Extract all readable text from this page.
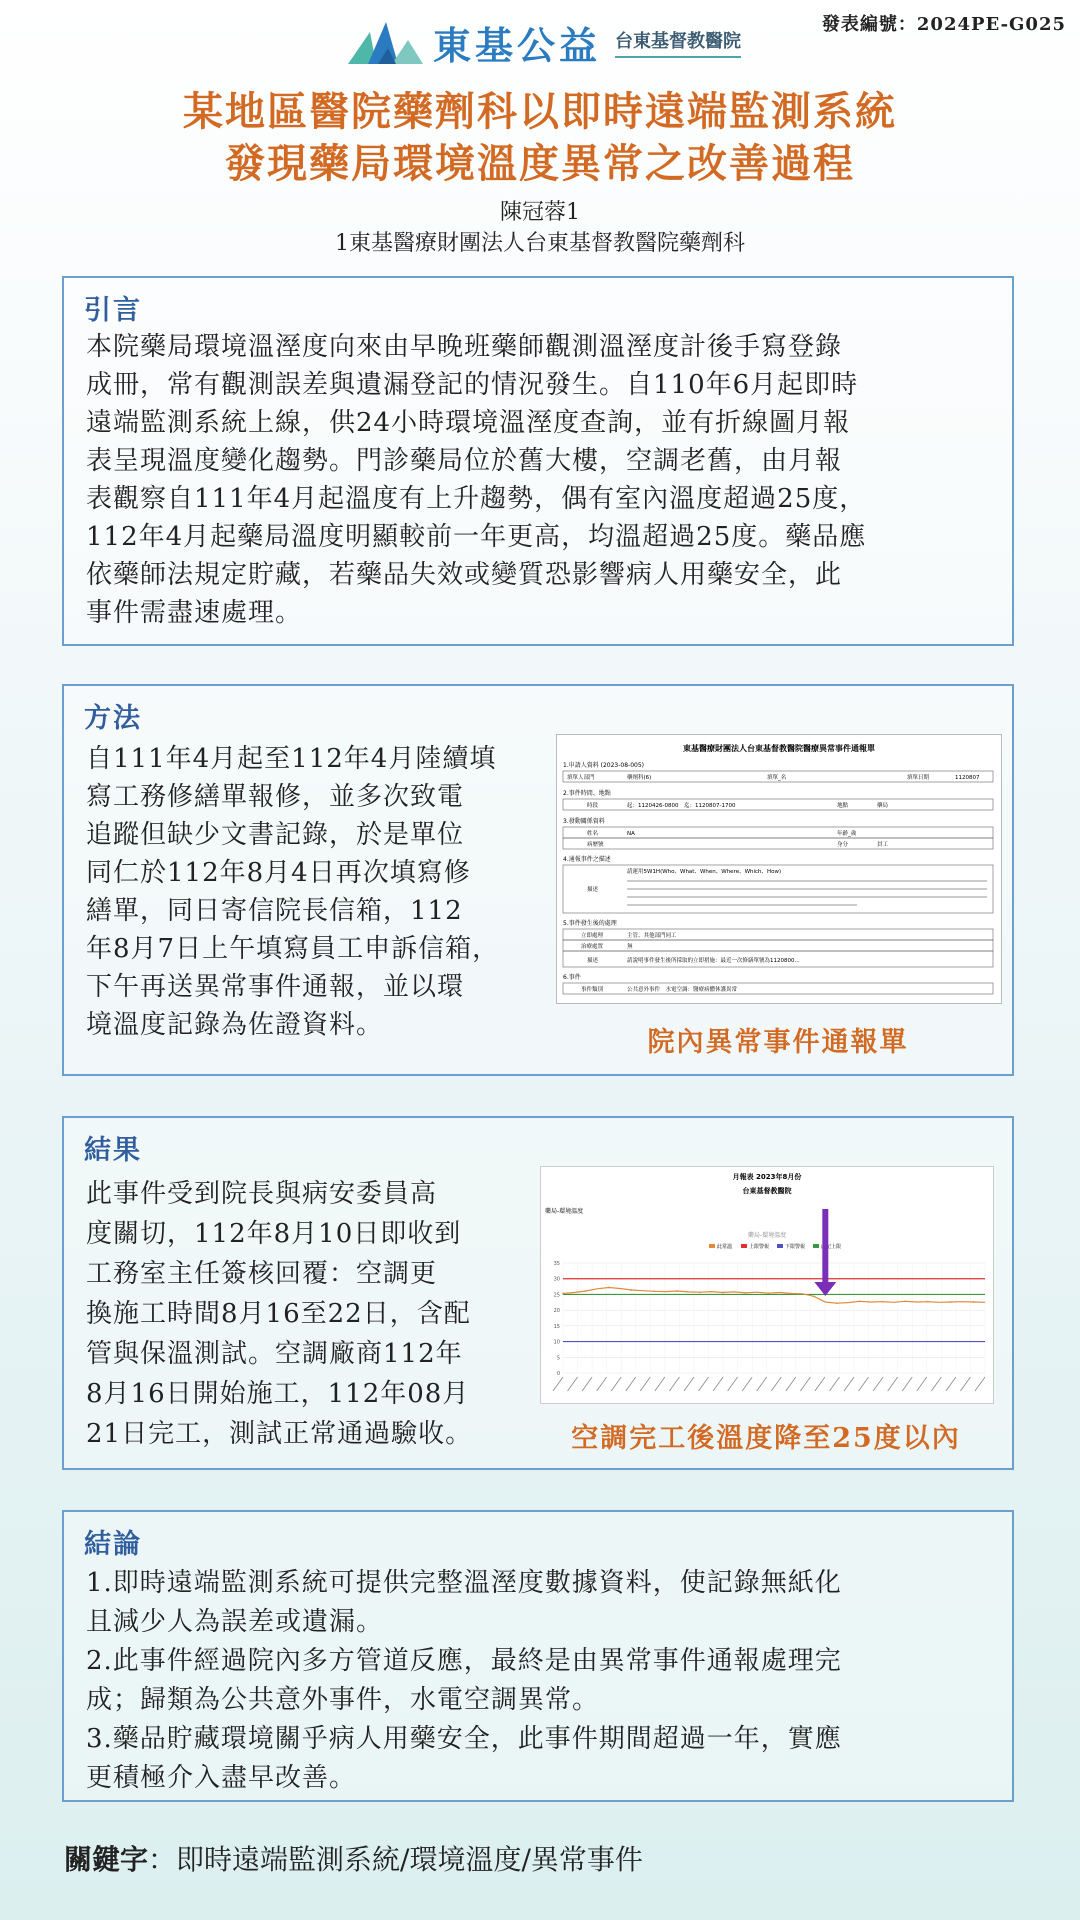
發表編號：2024PE-G025
東基公益 台東基督教醫院
某地區醫院藥劑科以即時遠端監測系統
發現藥局環境溫度異常之改善過程
陳冠蓉1
1東基醫療財團法人台東基督教醫院藥劑科
引言
本院藥局環境溫溼度向來由早晚班藥師觀測溫溼度計後手寫登錄
成冊，常有觀測誤差與遺漏登記的情況發生。自110年6月起即時
遠端監測系統上線，供24小時環境溫溼度查詢，並有折線圖月報
表呈現溫度變化趨勢。門診藥局位於舊大樓，空調老舊，由月報
表觀察自111年4月起溫度有上升趨勢，偶有室內溫度超過25度，
112年4月起藥局溫度明顯較前一年更高，均溫超過25度。藥品應
依藥師法規定貯藏，若藥品失效或變質恐影響病人用藥安全，此
事件需盡速處理。
方法
自111年4月起至112年4月陸續填
寫工務修繕單報修，並多次致電
追蹤但缺少文書記錄，於是單位
同仁於112年8月4日再次填寫修
繕單，同日寄信院長信箱，112
年8月7日上午填寫員工申訴信箱，
下午再送異常事件通報，並以環
境溫度記錄為佐證資料。
東基醫療財團法人台東基督教醫院醫療異常事件通報單
1.申請人資料 (2023-08-005)
填單人部門	藥劑科(6)	填單_名	填單日期	1120807
2.事件時間、地點
時段	起：1120426-0800　迄：1120807-1700	地點	藥局
3.發動關係資料
姓名	NA	年齡_歲
病歷號	身分	員工
4.通報事件之描述
描述
請運用5W1H(Who、What、When、Where、Which、How)
5.事件發生後的處理
立即處理	主管、其他部門同工
治療處置	無
描述	請說明事件發生後所採取的立即措施：最近一次修繕單號為1120800...
6.事件
事件類別	公共意外事件　水電空調：醫療病體休護異常
院內異常事件通報單
結果
此事件受到院長與病安委員高
度關切，112年8月10日即收到
工務室主任簽核回覆：空調更
換施工時間8月16至22日，含配
管與保溫測試。空調廠商112年
8月16日開始施工，112年08月
21日完工，測試正常通過驗收。
月報表 2023年8月份
台東基督教醫院
藥局-環境溫度
藥局-環境溫度
此常溫	上限警報	下限警報	此紀上限
0
5
10
15
20
25
30
35
空調完工後溫度降至25度以內
結論
1.即時遠端監測系統可提供完整溫溼度數據資料，使記錄無紙化
且減少人為誤差或遺漏。
2.此事件經過院內多方管道反應，最終是由異常事件通報處理完
成；歸類為公共意外事件，水電空調異常。
3.藥品貯藏環境關乎病人用藥安全，此事件期間超過一年，實應
更積極介入盡早改善。
關鍵字：即時遠端監測系統/環境溫度/異常事件
